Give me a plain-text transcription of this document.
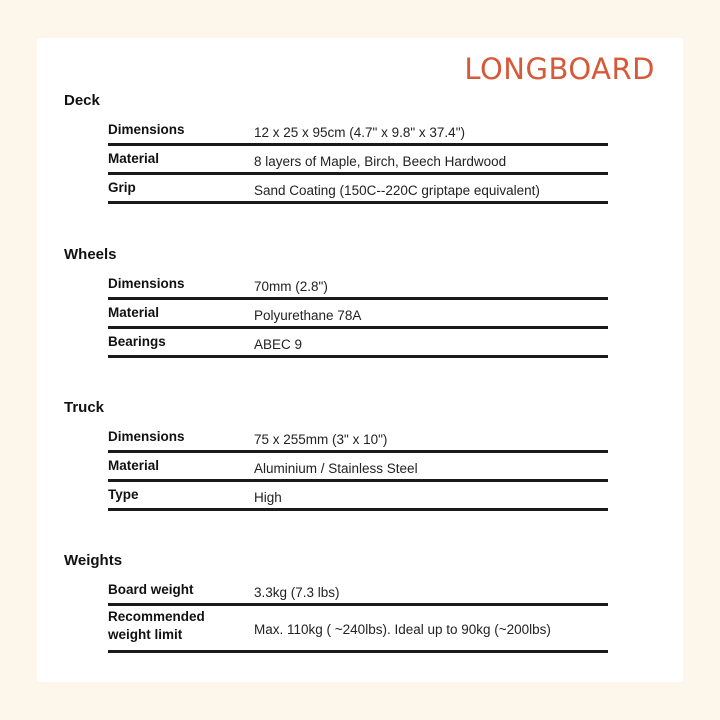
LONGBOARD
Deck
Dimensions	12 x 25 x 95cm (4.7" x 9.8" x 37.4")
Material	8 layers of Maple, Birch, Beech Hardwood
Grip	Sand Coating (150C--220C griptape equivalent)
Wheels
Dimensions	70mm (2.8")
Material	Polyurethane 78A
Bearings	ABEC 9
Truck
Dimensions	75 x 255mm (3" x 10")
Material	Aluminium / Stainless Steel
Type	High
Weights
Board weight	3.3kg (7.3 lbs)
Recommended weight limit	Max. 110kg ( ~240lbs). Ideal up to 90kg (~200lbs)
